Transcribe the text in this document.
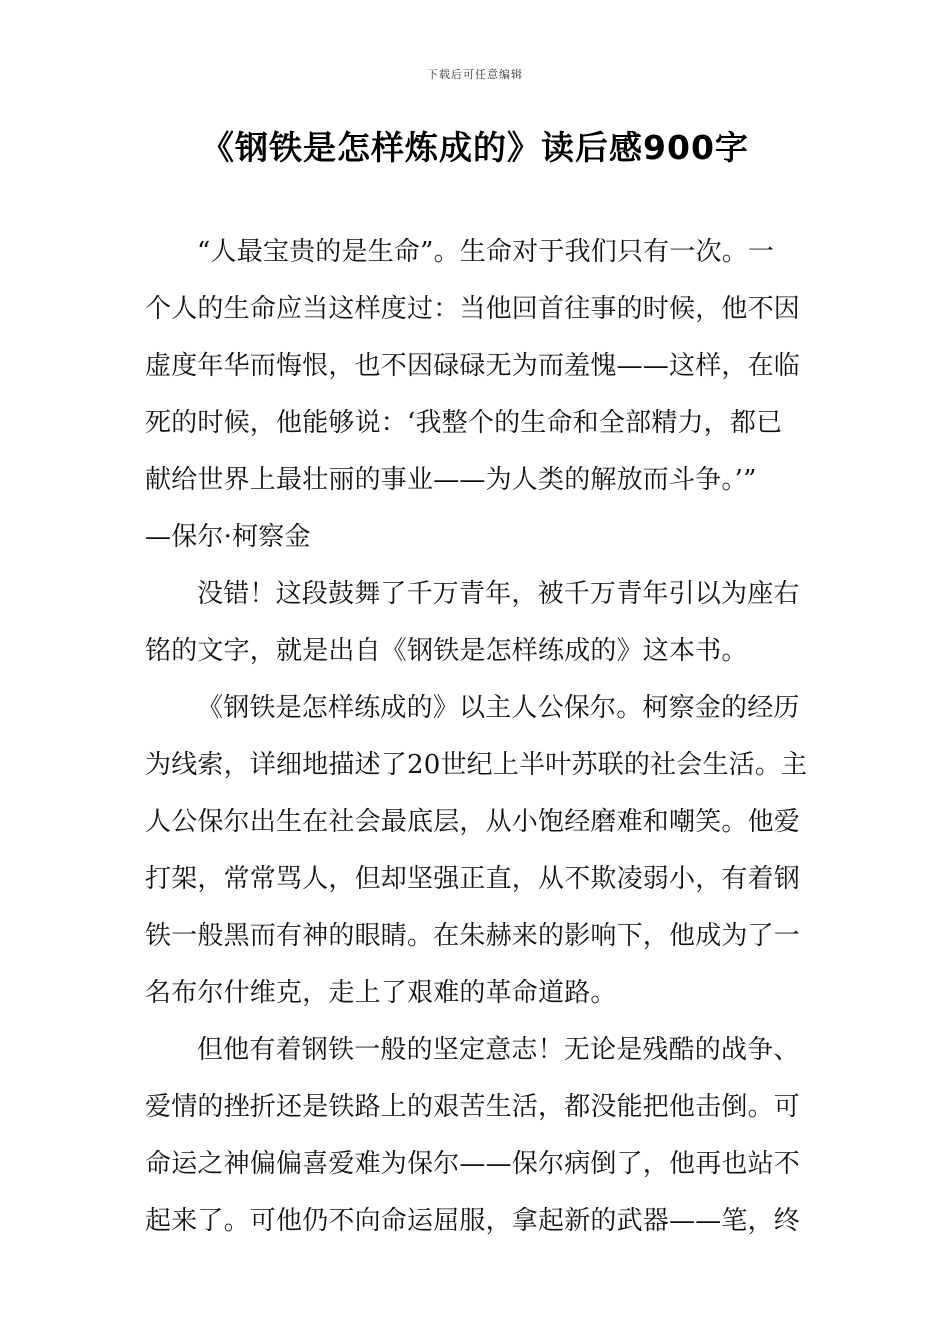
下载后可任意编辑
《钢铁是怎样炼成的》读后感900字
“人最宝贵的是生命”。生命对于我们只有一次。一
个人的生命应当这样度过：当他回首往事的时候，他不因
虚度年华而悔恨，也不因碌碌无为而羞愧——这样，在临
死的时候，他能够说：‘我整个的生命和全部精力，都已
献给世界上最壮丽的事业——为人类的解放而斗争。’”
—保尔·柯察金
没错！这段鼓舞了千万青年，被千万青年引以为座右
铭的文字，就是出自《钢铁是怎样练成的》这本书。
《钢铁是怎样练成的》以主人公保尔。柯察金的经历
为线索，详细地描述了20世纪上半叶苏联的社会生活。主
人公保尔出生在社会最底层，从小饱经磨难和嘲笑。他爱
打架，常常骂人，但却坚强正直，从不欺凌弱小，有着钢
铁一般黑而有神的眼睛。在朱赫来的影响下，他成为了一
名布尔什维克，走上了艰难的革命道路。
但他有着钢铁一般的坚定意志！无论是残酷的战争、
爱情的挫折还是铁路上的艰苦生活，都没能把他击倒。可
命运之神偏偏喜爱难为保尔——保尔病倒了，他再也站不
起来了。可他仍不向命运屈服，拿起新的武器——笔，终
